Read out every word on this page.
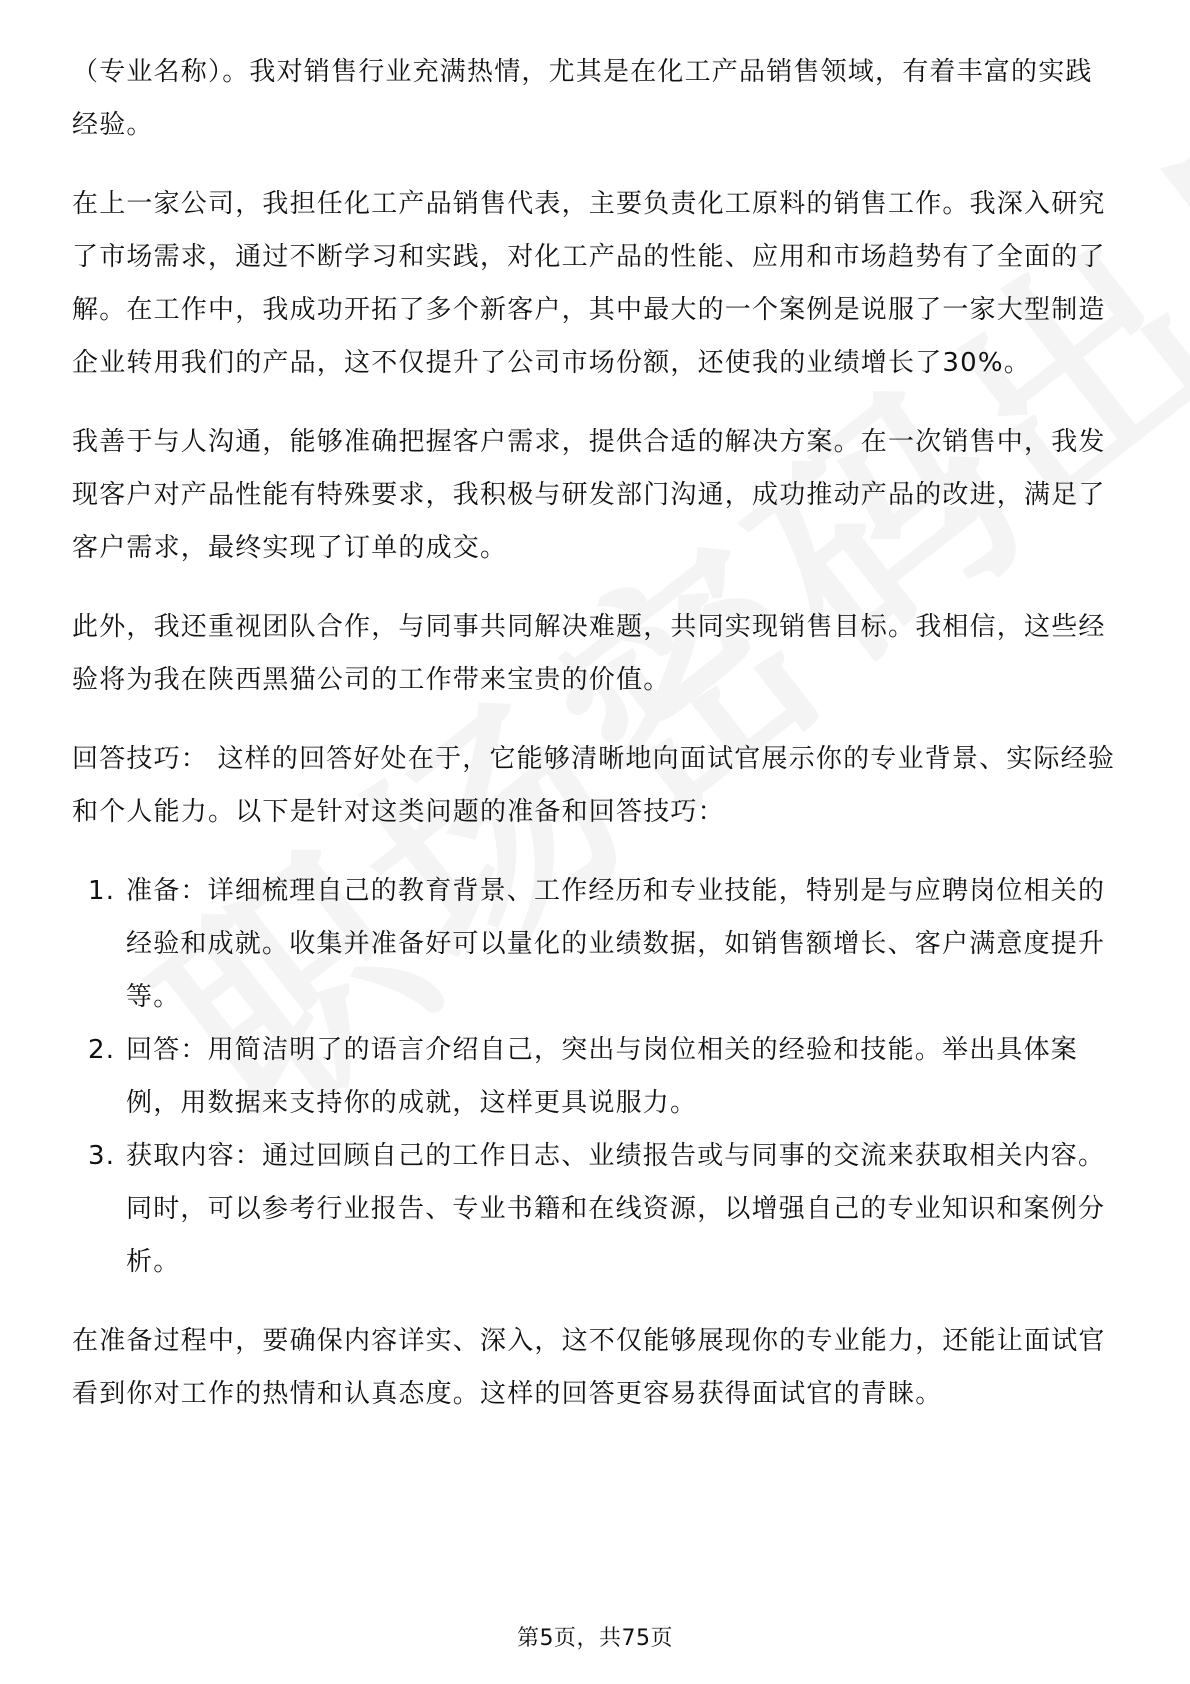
（专业名称）。我对销售行业充满热情，尤其是在化工产品销售领域，有着丰富的实践经验。

在上一家公司，我担任化工产品销售代表，主要负责化工原料的销售工作。我深入研究了市场需求，通过不断学习和实践，对化工产品的性能、应用和市场趋势有了全面的了解。在工作中，我成功开拓了多个新客户，其中最大的一个案例是说服了一家大型制造企业转用我们的产品，这不仅提升了公司市场份额，还使我的业绩增长了30%。

我善于与人沟通，能够准确把握客户需求，提供合适的解决方案。在一次销售中，我发现客户对产品性能有特殊要求，我积极与研发部门沟通，成功推动产品的改进，满足了客户需求，最终实现了订单的成交。

此外，我还重视团队合作，与同事共同解决难题，共同实现销售目标。我相信，这些经验将为我在陕西黑猫公司的工作带来宝贵的价值。

回答技巧： 这样的回答好处在于，它能够清晰地向面试官展示你的专业背景、实际经验和个人能力。以下是针对这类问题的准备和回答技巧：

1. 准备：详细梳理自己的教育背景、工作经历和专业技能，特别是与应聘岗位相关的经验和成就。收集并准备好可以量化的业绩数据，如销售额增长、客户满意度提升等。
2. 回答：用简洁明了的语言介绍自己，突出与岗位相关的经验和技能。举出具体案例，用数据来支持你的成就，这样更具说服力。
3. 获取内容：通过回顾自己的工作日志、业绩报告或与同事的交流来获取相关内容。同时，可以参考行业报告、专业书籍和在线资源，以增强自己的专业知识和案例分析。

在准备过程中，要确保内容详实、深入，这不仅能够展现你的专业能力，还能让面试官看到你对工作的热情和认真态度。这样的回答更容易获得面试官的青睐。

第5页，共75页
